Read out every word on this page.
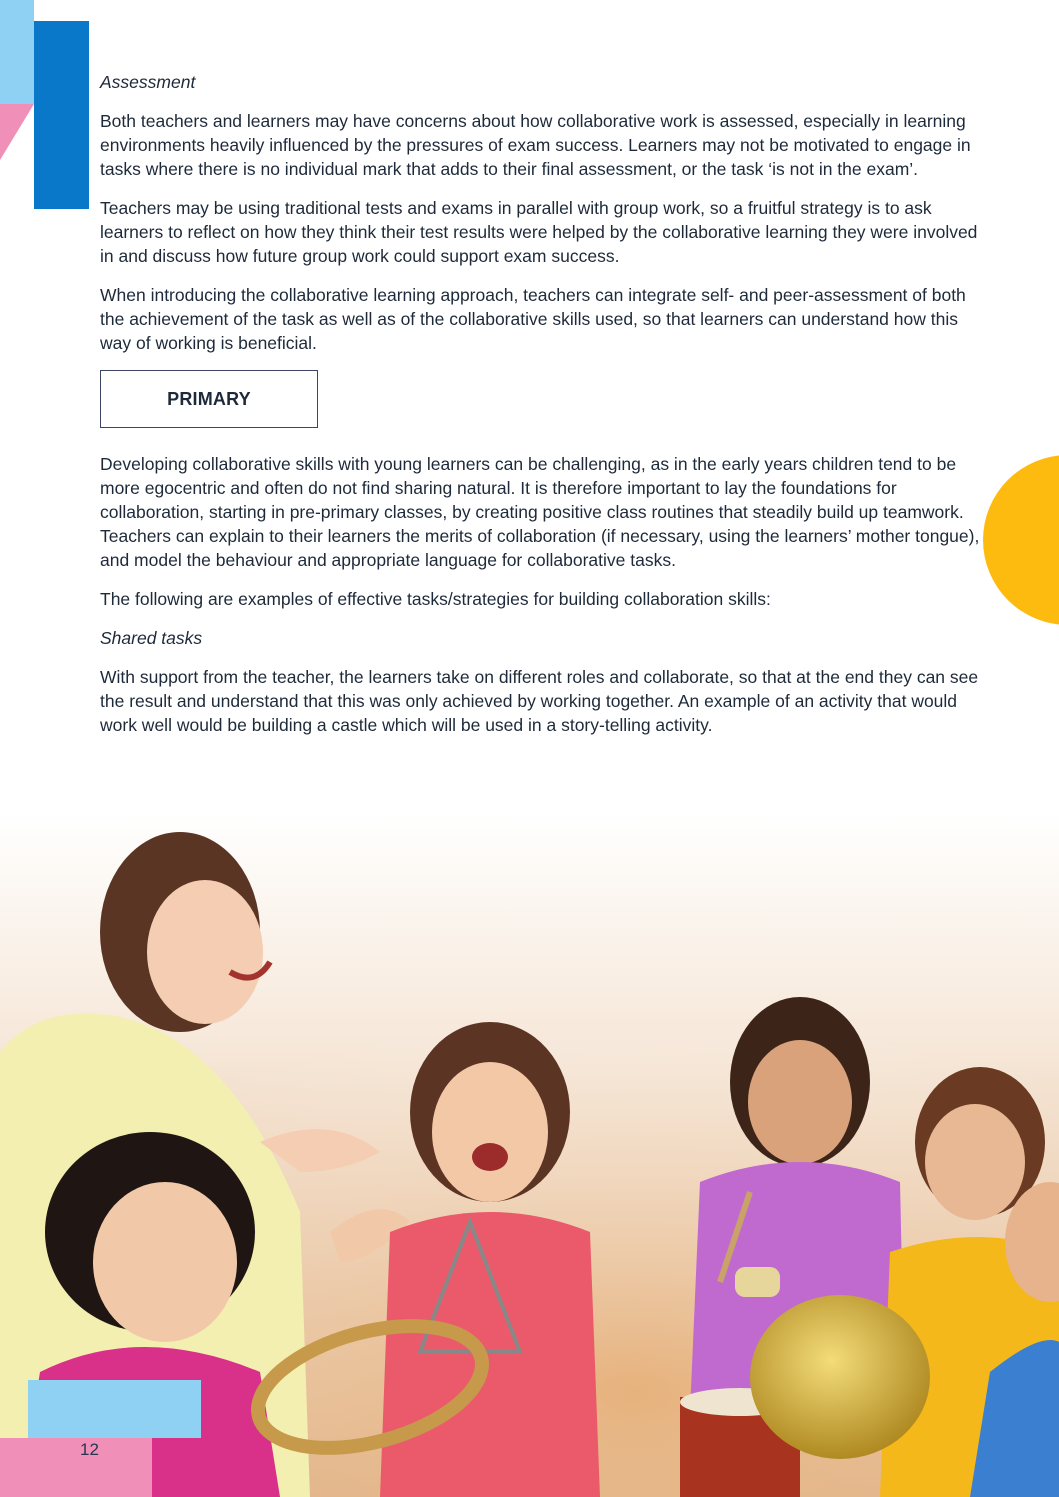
Assessment

Both teachers and learners may have concerns about how collaborative work is assessed, especially in learning environments heavily influenced by the pressures of exam success. Learners may not be motivated to engage in tasks where there is no individual mark that adds to their final assessment, or the task ‘is not in the exam’.

Teachers may be using traditional tests and exams in parallel with group work, so a fruitful strategy is to ask learners to reflect on how they think their test results were helped by the collaborative learning they were involved in and discuss how future group work could support exam success.

When introducing the collaborative learning approach, teachers can integrate self- and peer-assessment of both the achievement of the task as well as of the collaborative skills used, so that learners can understand how this way of working is beneficial.

PRIMARY

Developing collaborative skills with young learners can be challenging, as in the early years children tend to be more egocentric and often do not find sharing natural. It is therefore important to lay the foundations for collaboration, starting in pre-primary classes, by creating positive class routines that steadily build up teamwork. Teachers can explain to their learners the merits of collaboration (if necessary, using the learners’ mother tongue), and model the behaviour and appropriate language for collaborative tasks.

The following are examples of effective tasks/strategies for building collaboration skills:

Shared tasks

With support from the teacher, the learners take on different roles and collaborate, so that at the end they can see the result and understand that this was only achieved by working together. An example of an activity that would work well would be building a castle which will be used in a story-telling activity.

12
